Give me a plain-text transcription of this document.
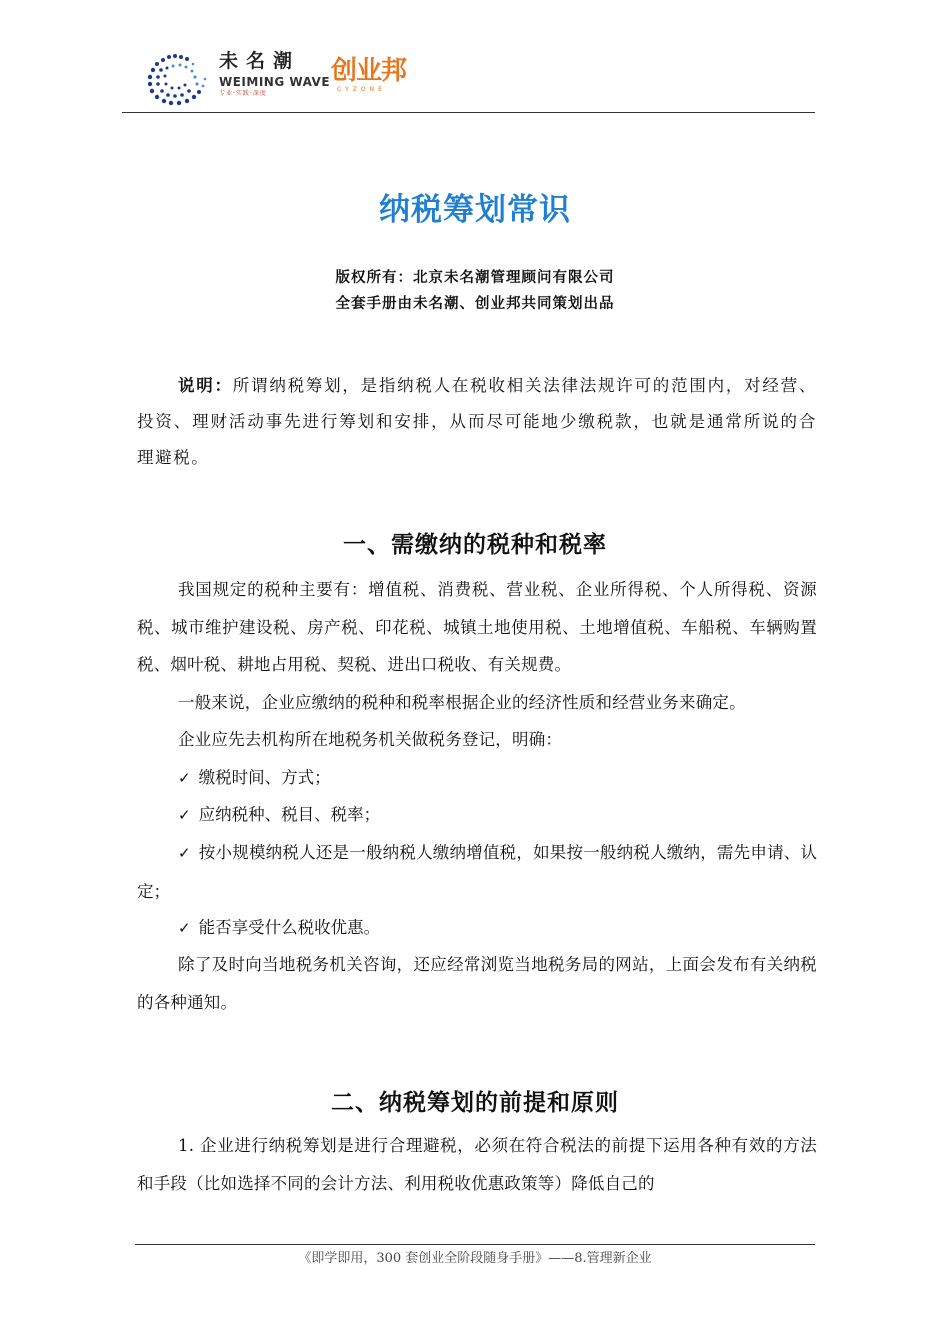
未名潮
WEIMING WAVE
专业·实践·深度
创业邦
CYZONE
纳税筹划常识
版权所有：北京未名潮管理顾问有限公司
全套手册由未名潮、创业邦共同策划出品
说明：所谓纳税筹划，是指纳税人在税收相关法律法规许可的范围内，对经营、投资、理财活动事先进行筹划和安排，从而尽可能地少缴税款，也就是通常所说的合理避税。
一、需缴纳的税种和税率
我国规定的税种主要有：增值税、消费税、营业税、企业所得税、个人所得税、资源税、城市维护建设税、房产税、印花税、城镇土地使用税、土地增值税、车船税、车辆购置税、烟叶税、耕地占用税、契税、进出口税收、有关规费。
一般来说，企业应缴纳的税种和税率根据企业的经济性质和经营业务来确定。
企业应先去机构所在地税务机关做税务登记，明确：
✓ 缴税时间、方式；
✓ 应纳税种、税目、税率；
✓ 按小规模纳税人还是一般纳税人缴纳增值税，如果按一般纳税人缴纳，需先申请、认定；
✓ 能否享受什么税收优惠。
除了及时向当地税务机关咨询，还应经常浏览当地税务局的网站，上面会发布有关纳税的各种通知。
二、纳税筹划的前提和原则
1. 企业进行纳税筹划是进行合理避税，必须在符合税法的前提下运用各种有效的方法和手段（比如选择不同的会计方法、利用税收优惠政策等）降低自己的
《即学即用，300 套创业全阶段随身手册》——8.管理新企业
